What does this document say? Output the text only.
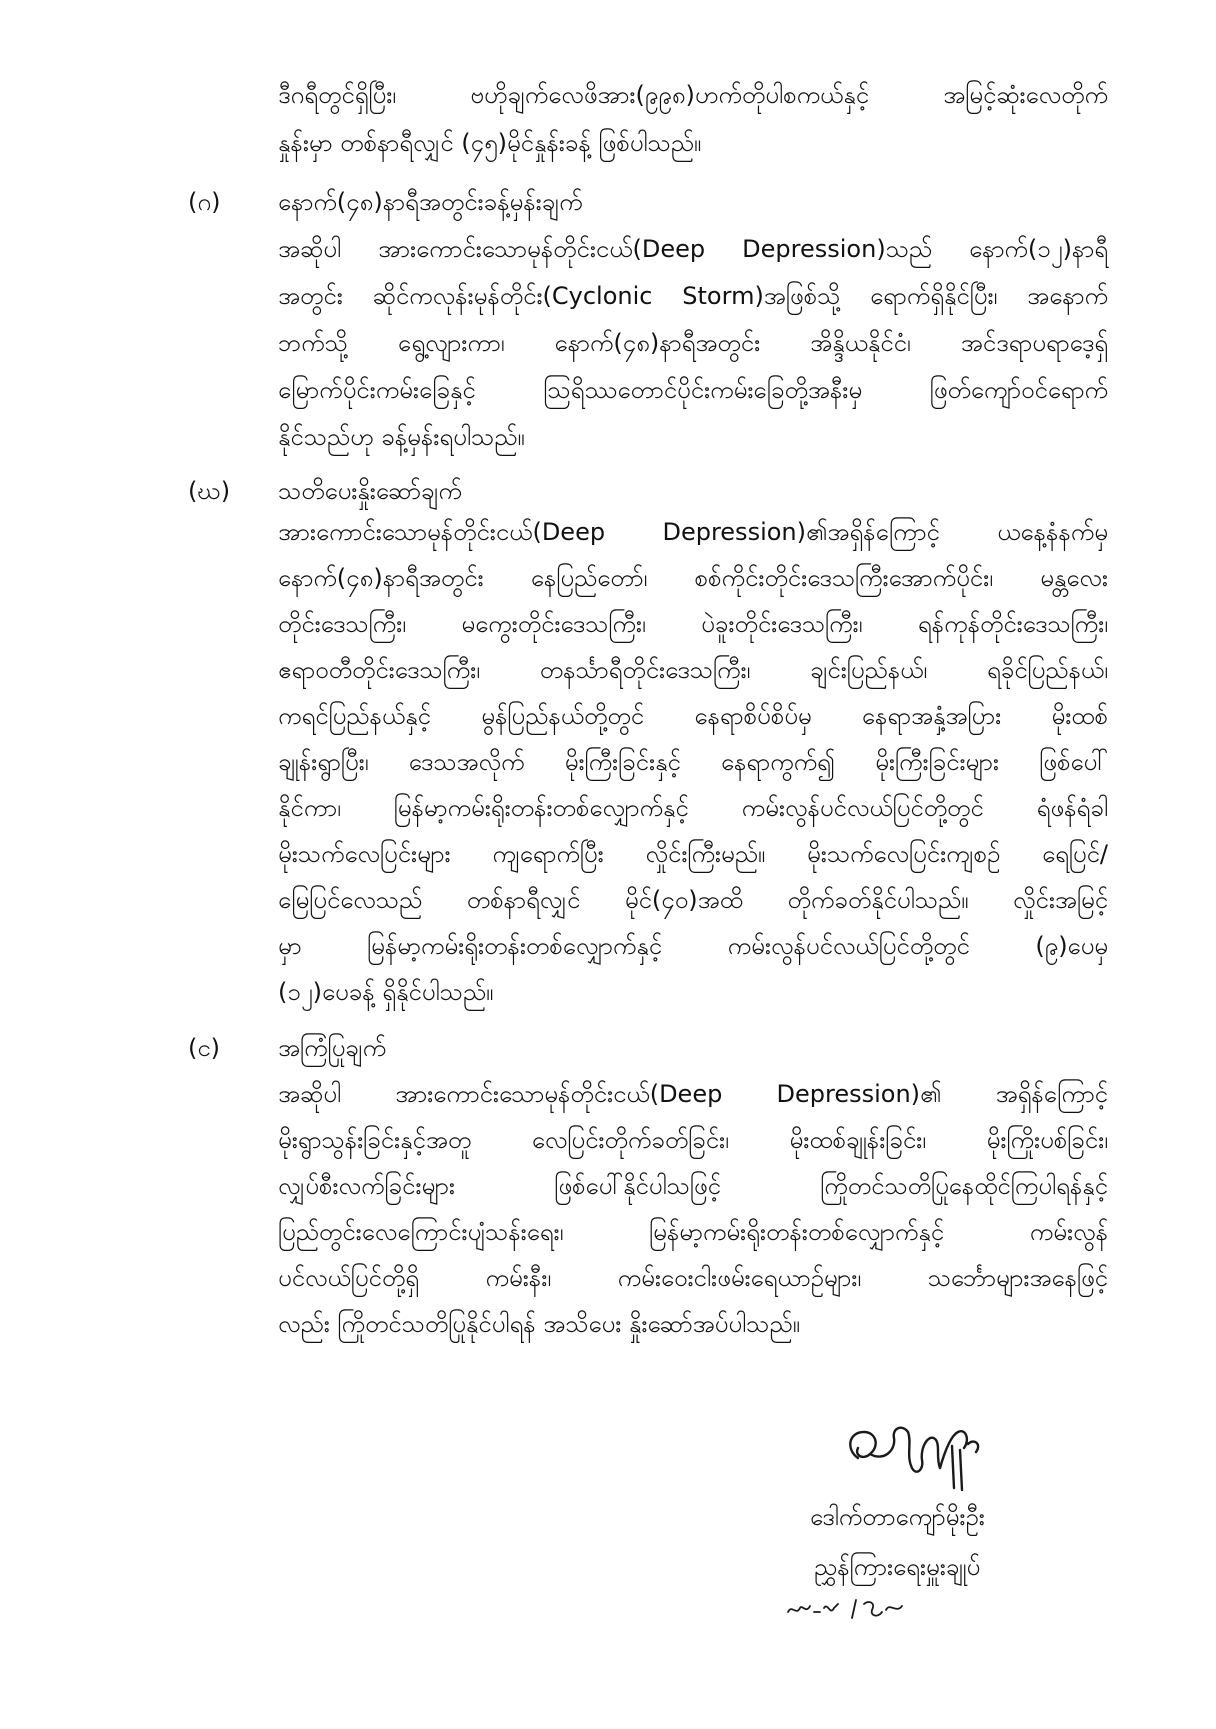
ဒီဂရီတွင်ရှိပြီး၊ ဗဟိုချက်လေဖိအား(၉၉၈)ဟက်တိုပါစကယ်နှင့် အမြင့်ဆုံးလေတိုက်
နှုန်းမှာ တစ်နာရီလျှင် (၄၅)မိုင်နှုန်းခန့် ဖြစ်ပါသည်။
(ဂ) နောက်(၄၈)နာရီအတွင်းခန့်မှန်းချက်
အဆိုပါ အားကောင်းသောမုန်တိုင်းငယ်(Deep Depression)သည် နောက်(၁၂)နာရီ
အတွင်း ဆိုင်ကလုန်းမုန်တိုင်း(Cyclonic Storm)အဖြစ်သို့ ရောက်ရှိနိုင်ပြီး၊ အနောက်
ဘက်သို့ ရွေ့လျားကာ၊ နောက်(၄၈)နာရီအတွင်း အိန္ဒိယနိုင်ငံ၊ အင်ဒရာပရာဒေ့ရှ်
မြောက်ပိုင်းကမ်းခြေနှင့် ဩရိဿတောင်ပိုင်းကမ်းခြေတို့အနီးမှ ဖြတ်ကျော်ဝင်ရောက်
နိုင်သည်ဟု ခန့်မှန်းရပါသည်။
(ဃ) သတိပေးနှိုးဆော်ချက်
အားကောင်းသောမုန်တိုင်းငယ်(Deep Depression)၏အရှိန်ကြောင့် ယနေ့နံနက်မှ
နောက်(၄၈)နာရီအတွင်း နေပြည်တော်၊ စစ်ကိုင်းတိုင်းဒေသကြီးအောက်ပိုင်း၊ မန္တလေး
တိုင်းဒေသကြီး၊ မကွေးတိုင်းဒေသကြီး၊ ပဲခူးတိုင်းဒေသကြီး၊ ရန်ကုန်တိုင်းဒေသကြီး၊
ဧရာဝတီတိုင်းဒေသကြီး၊ တနင်္သာရီတိုင်းဒေသကြီး၊ ချင်းပြည်နယ်၊ ရခိုင်ပြည်နယ်၊
ကရင်ပြည်နယ်နှင့် မွန်ပြည်နယ်တို့တွင် နေရာစိပ်စိပ်မှ နေရာအနှံ့အပြား မိုးထစ်
ချုန်းရွာပြီး၊ ဒေသအလိုက် မိုးကြီးခြင်းနှင့် နေရာကွက်၍ မိုးကြီးခြင်းများ ဖြစ်ပေါ်
နိုင်ကာ၊ မြန်မာ့ကမ်းရိုးတန်းတစ်လျှောက်နှင့် ကမ်းလွန်ပင်လယ်ပြင်တို့တွင် ရံဖန်ရံခါ
မိုးသက်လေပြင်းများ ကျရောက်ပြီး လှိုင်းကြီးမည်။ မိုးသက်လေပြင်းကျစဉ် ရေပြင်/
မြေပြင်လေသည် တစ်နာရီလျှင် မိုင်(၄၀)အထိ တိုက်ခတ်နိုင်ပါသည်။ လှိုင်းအမြင့်
မှာ မြန်မာ့ကမ်းရိုးတန်းတစ်လျှောက်နှင့် ကမ်းလွန်ပင်လယ်ပြင်တို့တွင် (၉)ပေမှ
(၁၂)ပေခန့် ရှိနိုင်ပါသည်။
(င) အကြံပြုချက်
အဆိုပါ အားကောင်းသောမုန်တိုင်းငယ်(Deep Depression)၏ အရှိန်ကြောင့်
မိုးရွာသွန်းခြင်းနှင့်အတူ လေပြင်းတိုက်ခတ်ခြင်း၊ မိုးထစ်ချုန်းခြင်း၊ မိုးကြိုးပစ်ခြင်း၊
လျှပ်စီးလက်ခြင်းများ ဖြစ်ပေါ်နိုင်ပါသဖြင့် ကြိုတင်သတိပြုနေထိုင်ကြပါရန်နှင့်
ပြည်တွင်းလေကြောင်းပျံသန်းရေး၊ မြန်မာ့ကမ်းရိုးတန်းတစ်လျှောက်နှင့် ကမ်းလွန်
ပင်လယ်ပြင်တို့ရှိ ကမ်းနီး၊ ကမ်းဝေးငါးဖမ်းရေယာဉ်များ၊ သင်္ဘောများအနေဖြင့်
လည်း ကြိုတင်သတိပြုနိုင်ပါရန် အသိပေး နှိုးဆော်အပ်ပါသည်။
ဒေါက်တာကျော်မိုးဦး
ညွှန်ကြားရေးမှူးချုပ်
